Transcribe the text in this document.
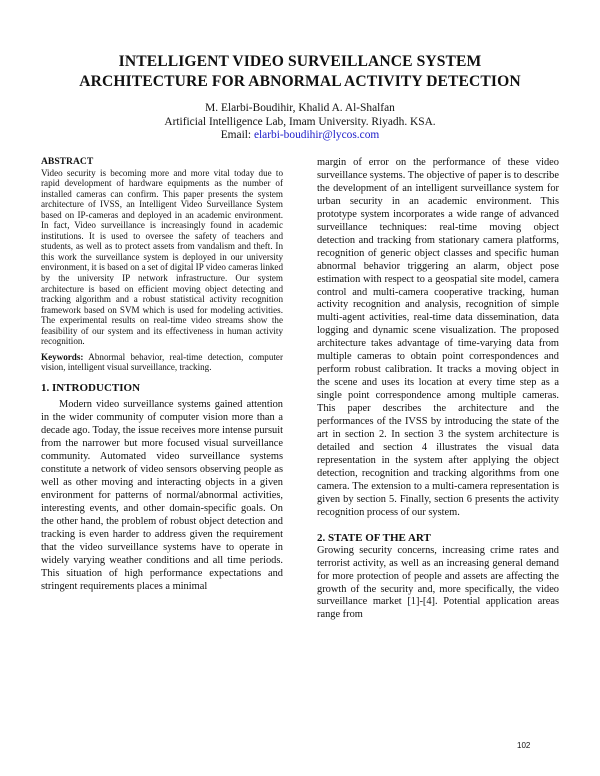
INTELLIGENT VIDEO SURVEILLANCE SYSTEM
ARCHITECTURE FOR ABNORMAL ACTIVITY DETECTION
M. Elarbi-Boudihir, Khalid A. Al-Shalfan
Artificial Intelligence Lab, Imam University. Riyadh. KSA.
Email: elarbi-boudihir@lycos.com
ABSTRACT

Video security is becoming more and more vital today due to rapid development of hardware equipments as the number of installed cameras can confirm. This paper presents the system architecture of IVSS, an Intelligent Video Surveillance System based on IP-cameras and deployed in an academic environment. In fact, Video surveillance is increasingly found in academic institutions. It is used to oversee the safety of teachers and students, as well as to protect assets from vandalism and theft. In this work the surveillance system is deployed in our university environment, it is based on a set of digital IP video cameras linked by the university IP network infrastructure. Our system architecture is based on efficient moving object detecting and tracking algorithm and a robust statistical activity recognition framework based on SVM which is used for modeling activities. The experimental results on real-time video streams show the feasibility of our system and its effectiveness in human activity recognition.

Keywords: Abnormal behavior, real-time detection, computer vision, intelligent visual surveillance, tracking.

1. INTRODUCTION

Modern video surveillance systems gained attention in the wider community of computer vision more than a decade ago. Today, the issue receives more intense pursuit from the narrower but more focused visual surveillance community. Automated video surveillance systems constitute a network of video sensors observing people as well as other moving and interacting objects in a given environment for patterns of normal/abnormal activities, interesting events, and other domain-specific goals. On the other hand, the problem of robust object detection and tracking is even harder to address given the requirement that the video surveillance systems have to operate in widely varying weather conditions and all time periods. This situation of high performance expectations and stringent requirements places a minimal

margin of error on the performance of these video surveillance systems. The objective of paper is to describe the development of an intelligent surveillance system for urban security in an academic environment. This prototype system incorporates a wide range of advanced surveillance techniques: real-time moving object detection and tracking from stationary camera platforms, recognition of generic object classes and specific human abnormal behavior triggering an alarm, object pose estimation with respect to a geospatial site model, camera control and multi-camera cooperative tracking, human activity recognition and analysis, recognition of simple multi-agent activities, real-time data dissemination, data logging and dynamic scene visualization. The proposed architecture takes advantage of time-varying data from multiple cameras to obtain point correspondences and perform robust calibration. It tracks a moving object in the scene and uses its location at every time step as a single point correspondence among multiple cameras. This paper describes the architecture and the performances of the IVSS by introducing the state of the art in section 2. In section 3 the system architecture is detailed and section 4 illustrates the visual data representation in the system after applying the object detection, recognition and tracking algorithms from one camera. The extension to a multi-camera representation is given by section 5. Finally, section 6 presents the activity recognition process of our system.

2. STATE OF THE ART

Growing security concerns, increasing crime rates and terrorist activity, as well as an increasing general demand for more protection of people and assets are affecting the growth of the security and, more specifically, the video surveillance market [1]-[4]. Potential application areas range from

102
